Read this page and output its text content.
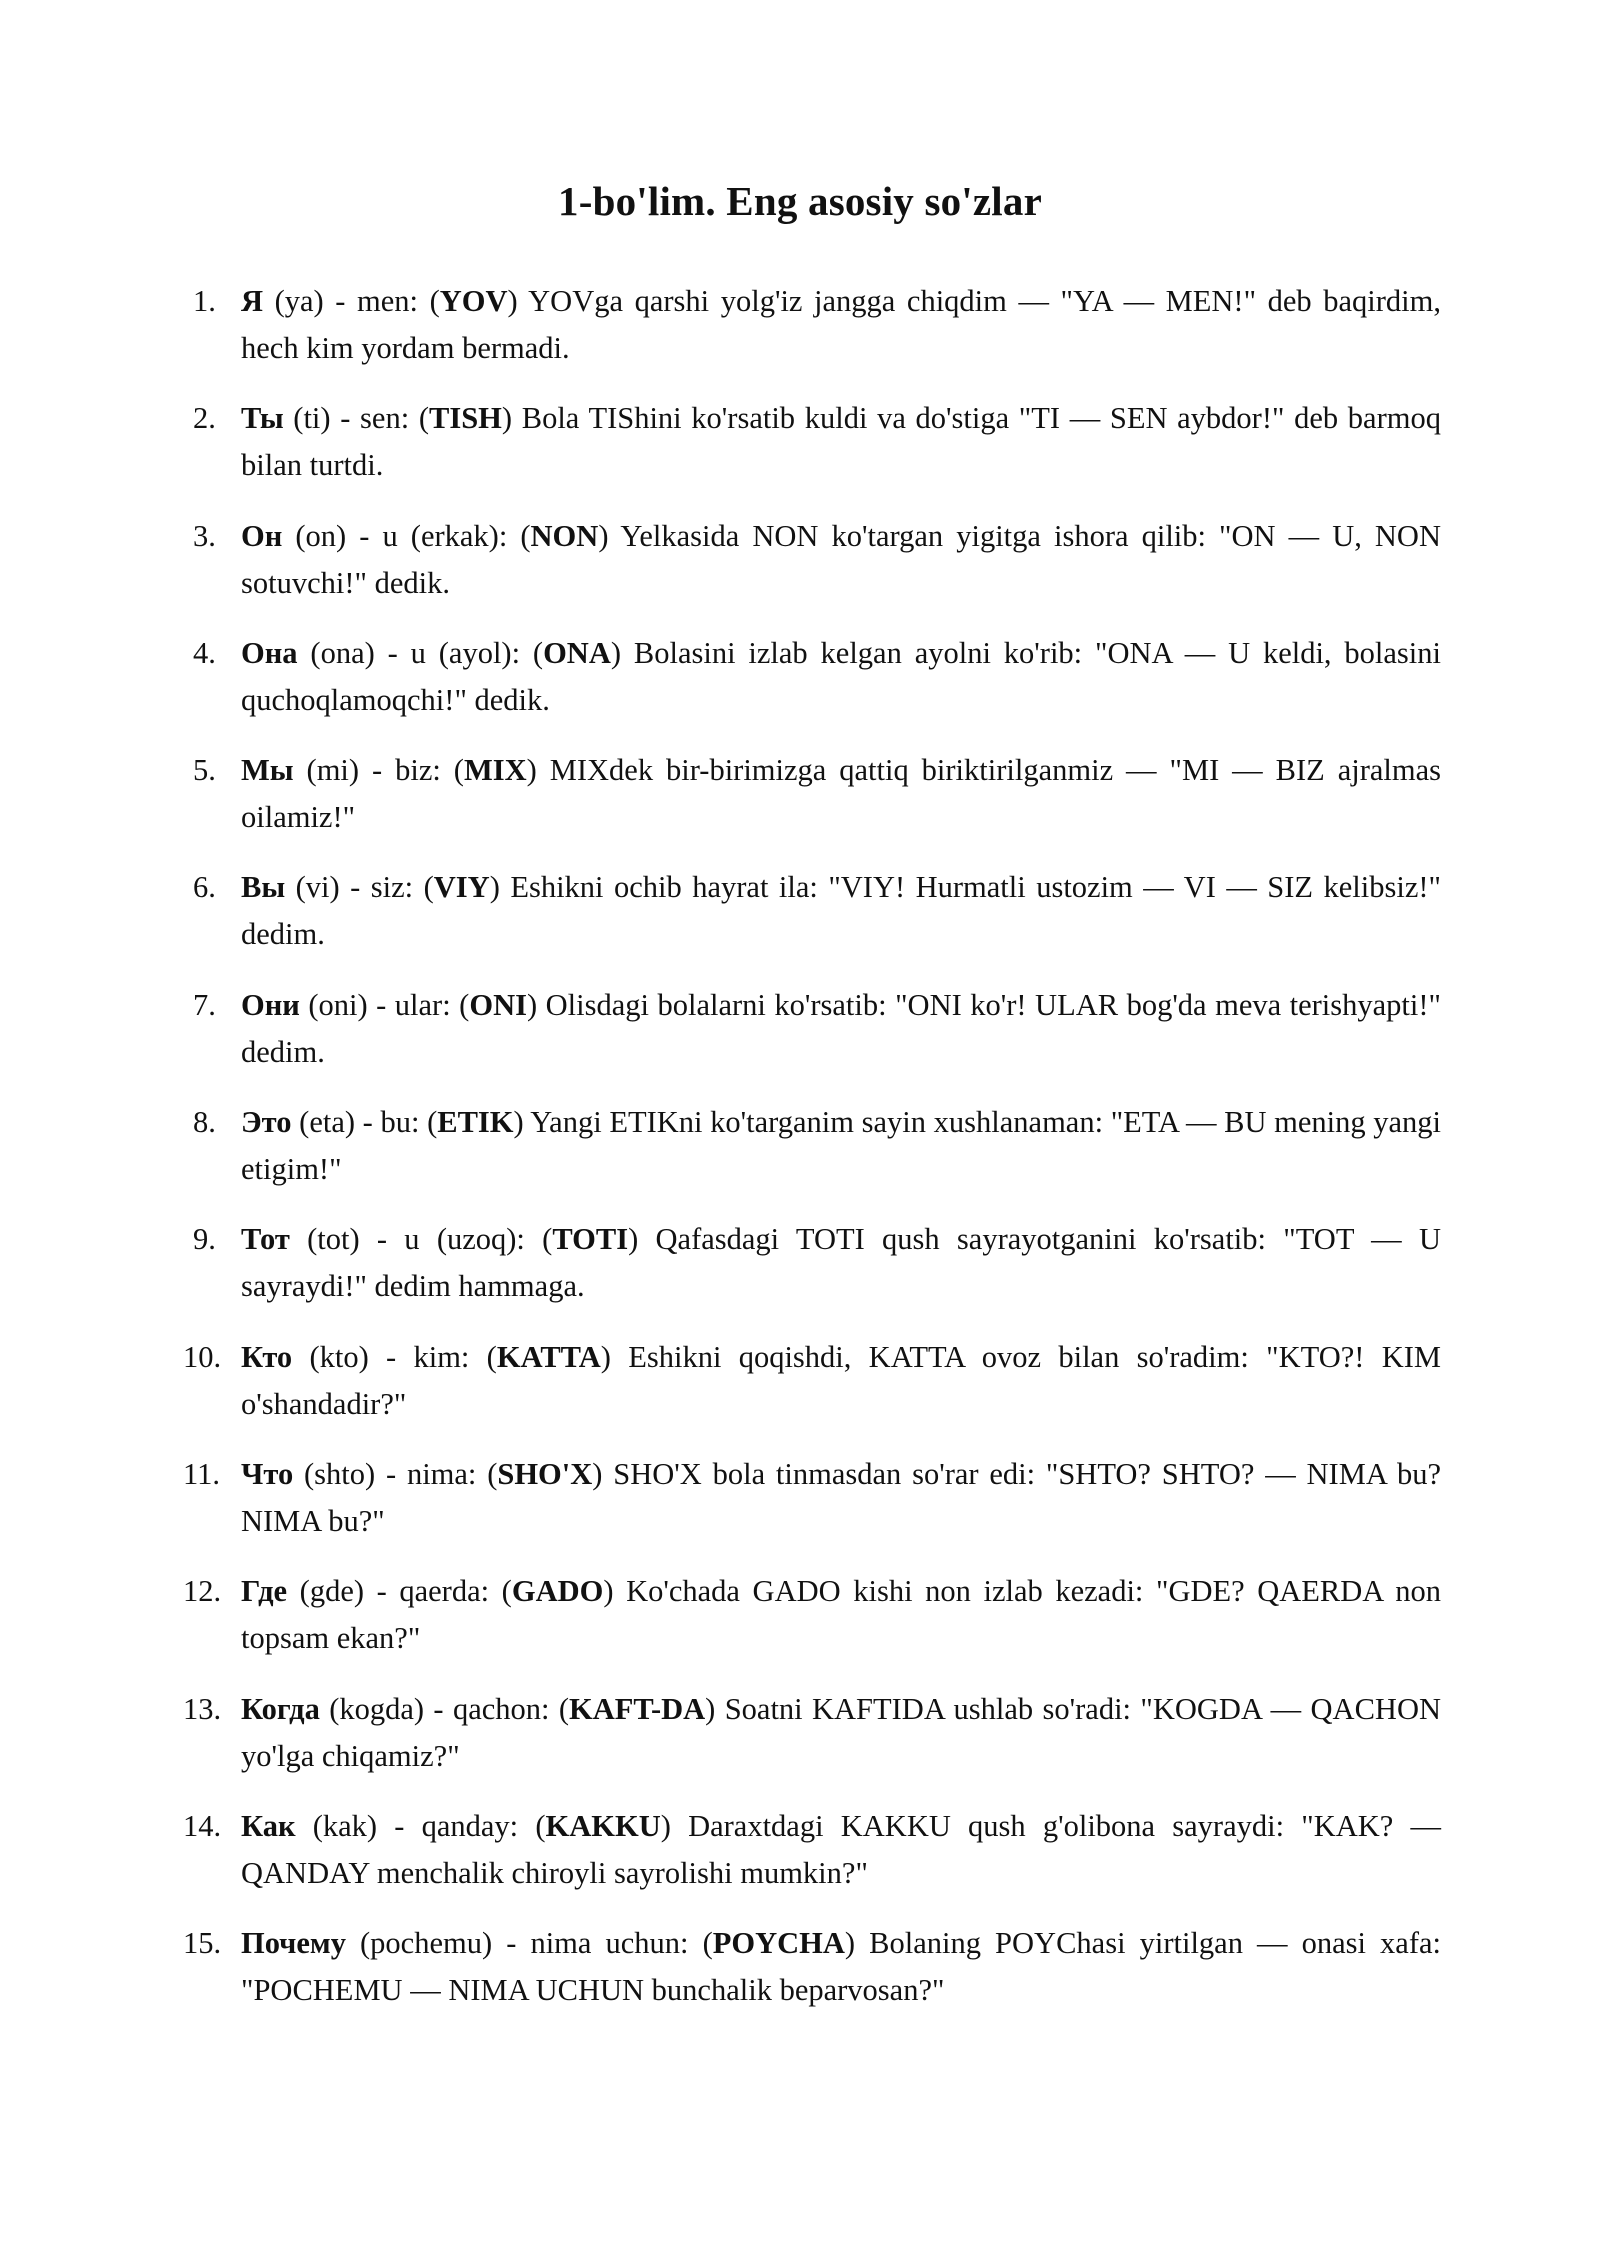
1-bo'lim. Eng asosiy so'zlar
1. Я (ya) - men: (YOV) YOVga qarshi yolg'iz jangga chiqdim — "YA — MEN!" deb baqirdim, hech kim yordam bermadi.
2. Ты (ti) - sen: (TISH) Bola TIShini ko'rsatib kuldi va do'stiga "TI — SEN aybdor!" deb barmoq bilan turtdi.
3. Он (on) - u (erkak): (NON) Yelkasida NON ko'targan yigitga ishora qilib: "ON — U, NON sotuvchi!" dedik.
4. Она (ona) - u (ayol): (ONA) Bolasini izlab kelgan ayolni ko'rib: "ONA — U keldi, bolasini quchoqlamoqchi!" dedik.
5. Мы (mi) - biz: (MIX) MIXdek bir-birimizga qattiq biriktirilganmiz — "MI — BIZ ajralmas oilamiz!"
6. Вы (vi) - siz: (VIY) Eshikni ochib hayrat ila: "VIY! Hurmatli ustozim — VI — SIZ kelibsiz!" dedim.
7. Они (oni) - ular: (ONI) Olisdagi bolalarni ko'rsatib: "ONI ko'r! ULAR bog'da meva terishyapti!" dedim.
8. Это (eta) - bu: (ETIK) Yangi ETIKni ko'targanim sayin xushlanaman: "ETA — BU mening yangi etigim!"
9. Тот (tot) - u (uzoq): (TOTI) Qafasdagi TOTI qush sayrayotganini ko'rsatib: "TOT — U sayraydi!" dedim hammaga.
10. Кто (kto) - kim: (KATTA) Eshikni qoqishdi, KATTA ovoz bilan so'radim: "KTO?! KIM o'shandadir?"
11. Что (shto) - nima: (SHO'X) SHO'X bola tinmasdan so'rar edi: "SHTO? SHTO? — NIMA bu? NIMA bu?"
12. Где (gde) - qaerda: (GADO) Ko'chada GADO kishi non izlab kezadi: "GDE? QAERDA non topsam ekan?"
13. Когда (kogda) - qachon: (KAFT-DA) Soatni KAFTIDA ushlab so'radi: "KOGDA — QACHON yo'lga chiqamiz?"
14. Как (kak) - qanday: (KAKKU) Daraxtdagi KAKKU qush g'olibona sayraydi: "KAK? — QANDAY menchalik chiroyli sayrolishi mumkin?"
15. Почему (pochemu) - nima uchun: (POYCHA) Bolaning POYChasi yirtilgan — onasi xafa: "POCHEMU — NIMA UCHUN bunchalik beparvosan?"
